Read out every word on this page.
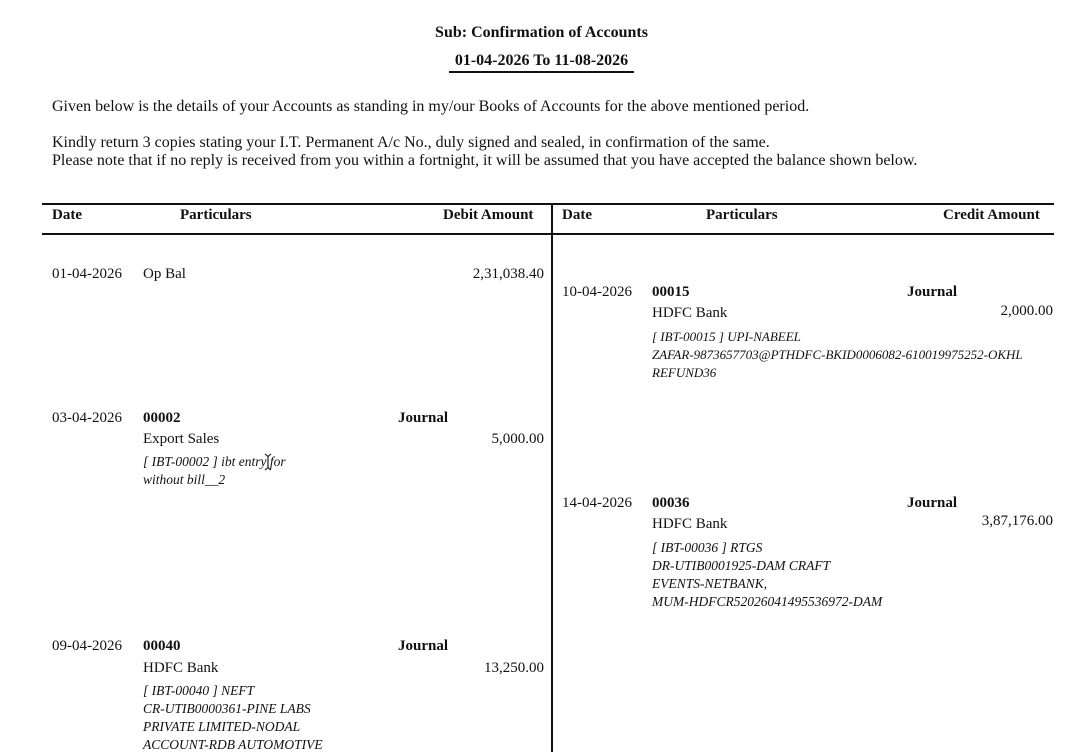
Sub: Confirmation of Accounts
01-04-2026 To 11-08-2026
Given below is the details of your Accounts as standing in my/our Books of Accounts for the above mentioned period.
Kindly return 3 copies stating your I.T. Permanent A/c No., duly signed and sealed, in confirmation of the same.
Please note that if no reply is received from you within a fortnight, it will be assumed that you have accepted the balance shown below.
Date	Particulars	Debit Amount Date	Particulars	Credit Amount
01-04-2026 Op Bal	2,31,038.40
03-04-2026 00002	Journal
Export Sales	5,000.00
[ IBT-00002 ] ibt entry for
without bill__2
09-04-2026 00040	Journal
HDFC Bank	13,250.00
[ IBT-00040 ] NEFT
CR-UTIB0000361-PINE LABS
PRIVATE LIMITED-NODAL
ACCOUNT-RDB AUTOMOTIVE
10-04-2026 00015	Journal
HDFC Bank	2,000.00
[ IBT-00015 ] UPI-NABEEL
ZAFAR-9873657703@PTHDFC-BKID0006082-610019975252-OKHL
REFUND36
14-04-2026 00036	Journal
HDFC Bank	3,87,176.00
[ IBT-00036 ] RTGS
DR-UTIB0001925-DAM CRAFT
EVENTS-NETBANK,
MUM-HDFCR52026041495536972-DAM
